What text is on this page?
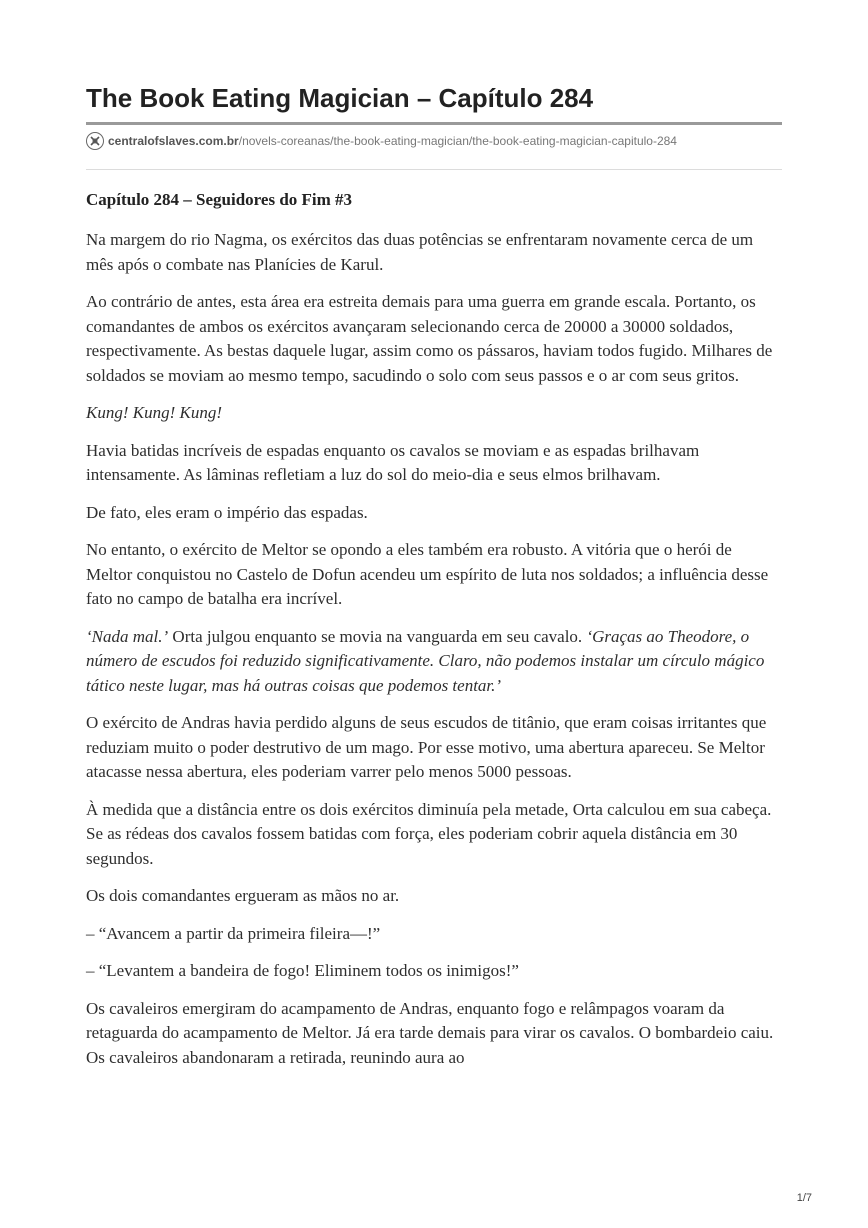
The Book Eating Magician – Capítulo 284
centralofslaves.com.br /novels-coreanas/the-book-eating-magician/the-book-eating-magician-capitulo-284
Capítulo 284 – Seguidores do Fim #3

Na margem do rio Nagma, os exércitos das duas potências se enfrentaram novamente cerca de um mês após o combate nas Planícies de Karul.

Ao contrário de antes, esta área era estreita demais para uma guerra em grande escala. Portanto, os comandantes de ambos os exércitos avançaram selecionando cerca de 20000 a 30000 soldados, respectivamente. As bestas daquele lugar, assim como os pássaros, haviam todos fugido. Milhares de soldados se moviam ao mesmo tempo, sacudindo o solo com seus passos e o ar com seus gritos.

Kung! Kung! Kung!

Havia batidas incríveis de espadas enquanto os cavalos se moviam e as espadas brilhavam intensamente. As lâminas refletiam a luz do sol do meio-dia e seus elmos brilhavam.

De fato, eles eram o império das espadas.

No entanto, o exército de Meltor se opondo a eles também era robusto. A vitória que o herói de Meltor conquistou no Castelo de Dofun acendeu um espírito de luta nos soldados; a influência desse fato no campo de batalha era incrível.

‘Nada mal.’ Orta julgou enquanto se movia na vanguarda em seu cavalo. ‘Graças ao Theodore, o número de escudos foi reduzido significativamente. Claro, não podemos instalar um círculo mágico tático neste lugar, mas há outras coisas que podemos tentar.’

O exército de Andras havia perdido alguns de seus escudos de titânio, que eram coisas irritantes que reduziam muito o poder destrutivo de um mago. Por esse motivo, uma abertura apareceu. Se Meltor atacasse nessa abertura, eles poderiam varrer pelo menos 5000 pessoas.

À medida que a distância entre os dois exércitos diminuía pela metade, Orta calculou em sua cabeça. Se as rédeas dos cavalos fossem batidas com força, eles poderiam cobrir aquela distância em 30 segundos.

Os dois comandantes ergueram as mãos no ar.

– “Avancem a partir da primeira fileira—!”

– “Levantem a bandeira de fogo! Eliminem todos os inimigos!”

Os cavaleiros emergiram do acampamento de Andras, enquanto fogo e relâmpagos voaram da retaguarda do acampamento de Meltor. Já era tarde demais para virar os cavalos. O bombardeio caiu. Os cavaleiros abandonaram a retirada, reunindo aura ao

1/7
